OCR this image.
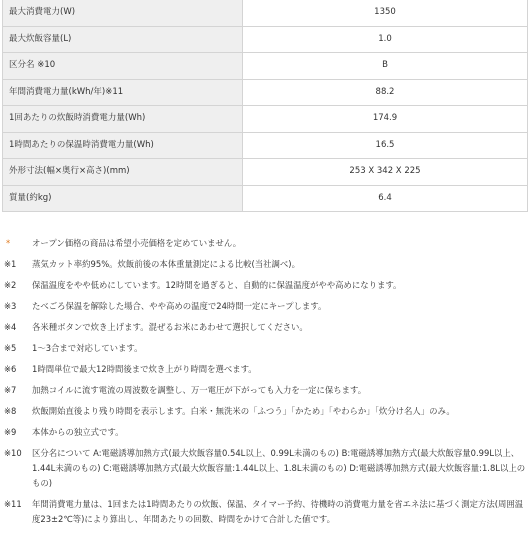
最大消費電力(W)	1350
最大炊飯容量(L)	1.0
区分名 ※10	B
年間消費電力量(kWh/年)※11	88.2
1回あたりの炊飯時消費電力量(Wh)	174.9
1時間あたりの保温時消費電力量(Wh)	16.5
外形寸法(幅×奥行×高さ)(mm)	253 X 342 X 225
質量(約kg)	6.4
*	オープン価格の商品は希望小売価格を定めていません。
※1 蒸気カット率約95%。炊飯前後の本体重量測定による比較(当社調べ)。
※2 保温温度をやや低めにしています。12時間を過ぎると、自動的に保温温度がやや高めになります。
※3 たべごろ保温を解除した場合、やや高めの温度で24時間一定にキープします。
※4 各米種ボタンで炊き上げます。混ぜるお米にあわせて選択してください。
※5 1〜3合まで対応しています。
※6 1時間単位で最大12時間後まで炊き上がり時間を選べます。
※7 加熱コイルに流す電流の周波数を調整し、万一電圧が下がっても入力を一定に保ちます。
※8 炊飯開始直後より残り時間を表示します。白米・無洗米の「ふつう」「かため」「やわらか」「炊分け名人」のみ。
※9 本体からの独立式です。
※10 区分名について A:電磁誘導加熱方式(最大炊飯容量0.54L以上、0.99L未満のもの) B:電磁誘導加熱方式(最大炊飯容量0.99L以上、1.44L未満のもの) C:電磁誘導加熱方式(最大炊飯容量:1.44L以上、1.8L未満のもの) D:電磁誘導加熱方式(最大炊飯容量:1.8L以上のもの)
※11 年間消費電力量は、1回または1時間あたりの炊飯、保温、タイマー予約、待機時の消費電力量を省エネ法に基づく測定方法(周囲温度23±2℃等)により算出し、年間あたりの回数、時間をかけて合計した値です。
